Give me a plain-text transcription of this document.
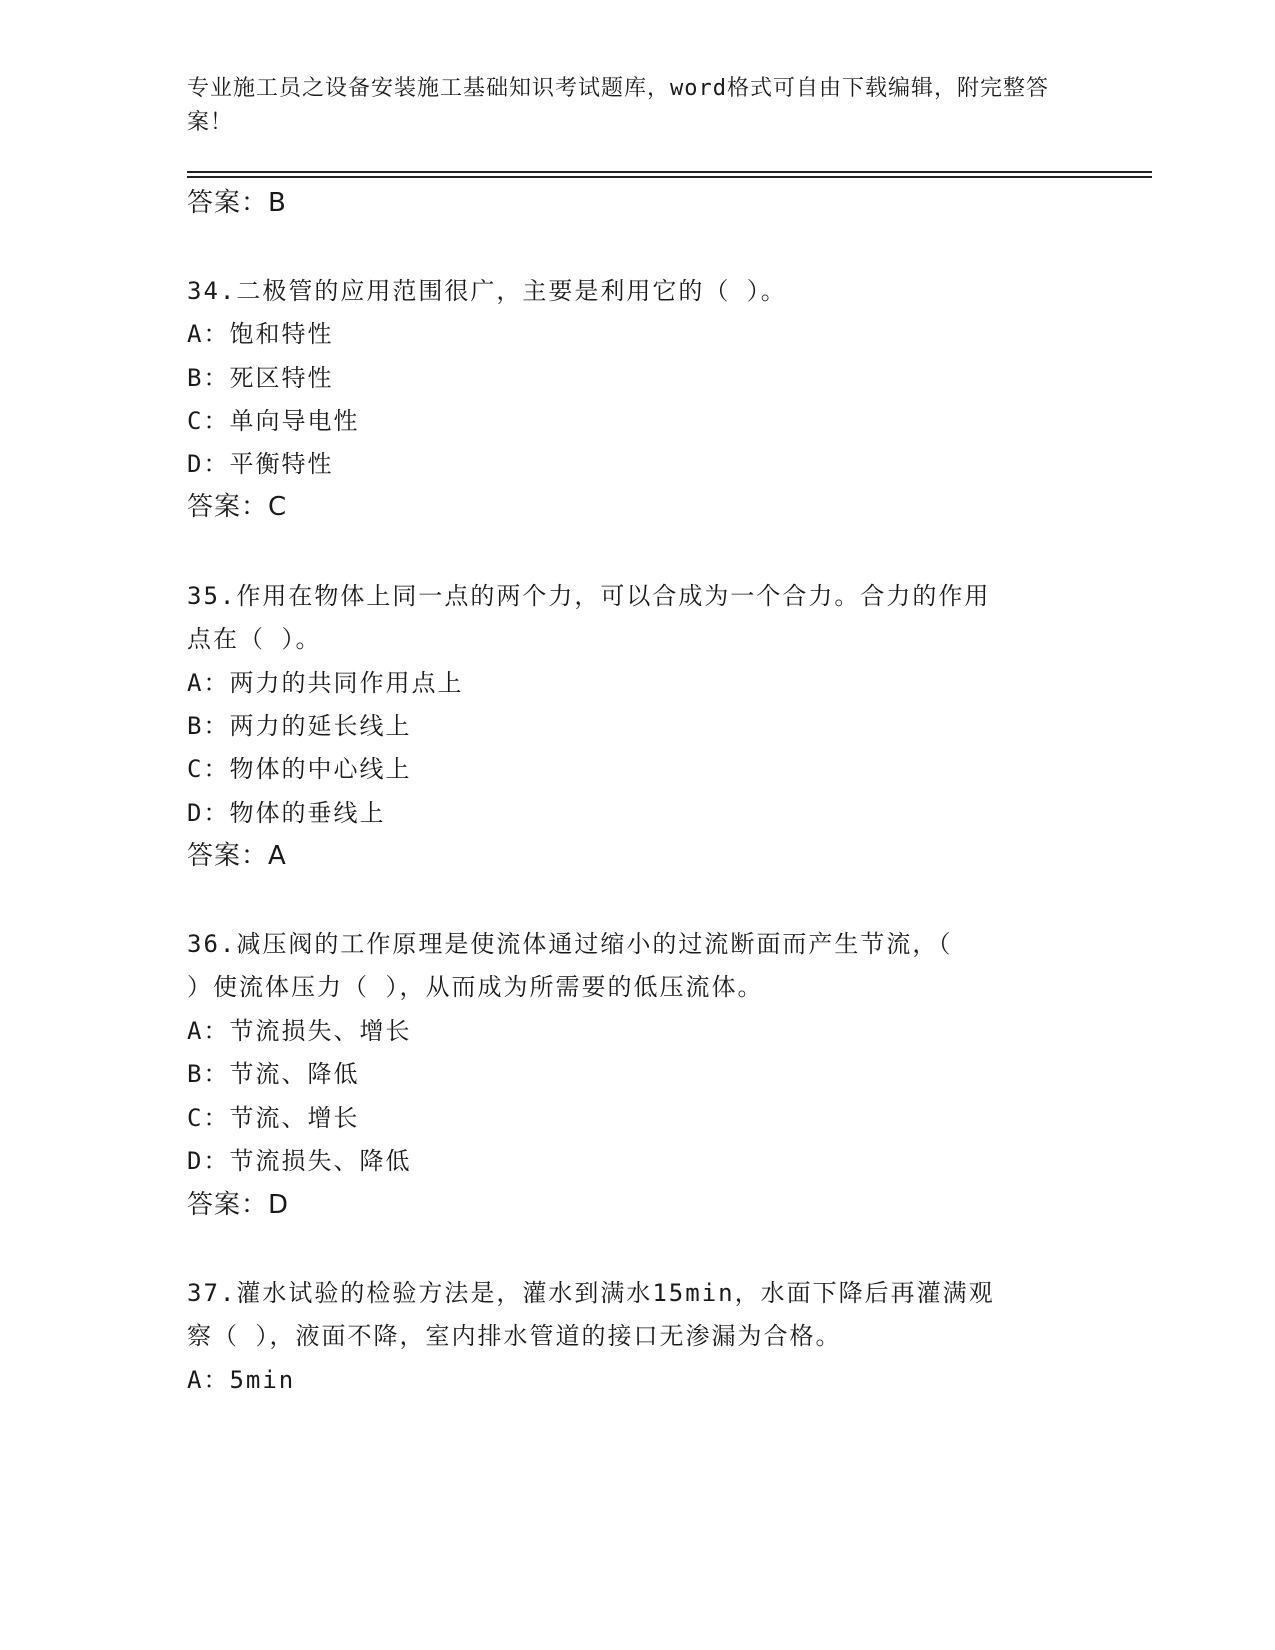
专业施工员之设备安装施工基础知识考试题库，word格式可自由下载编辑，附完整答案！
答案：B
34.二极管的应用范围很广，主要是利用它的（ ）。
A：饱和特性
B：死区特性
C：单向导电性
D：平衡特性
答案：C
35.作用在物体上同一点的两个力，可以合成为一个合力。合力的作用
点在（ ）。
A：两力的共同作用点上
B：两力的延长线上
C：物体的中心线上
D：物体的垂线上
答案：A
36.减压阀的工作原理是使流体通过缩小的过流断面而产生节流，（
）使流体压力（ ），从而成为所需要的低压流体。
A：节流损失、增长
B：节流、降低
C：节流、增长
D：节流损失、降低
答案：D
37.灌水试验的检验方法是，灌水到满水15min，水面下降后再灌满观
察（ ），液面不降，室内排水管道的接口无渗漏为合格。
A：5min
